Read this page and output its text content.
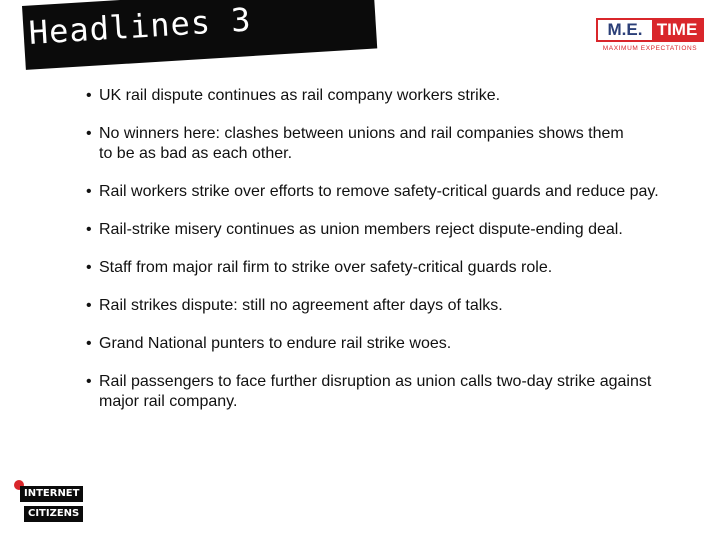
Headlines 3	M.E. TIME
MAXIMUM EXPECTATIONS
• UK rail dispute continues as rail company workers strike.
• No winners here: clashes between unions and rail companies shows them
to be as bad as each other.
• Rail workers strike over efforts to remove safety-critical guards and reduce pay.
• Rail-strike misery continues as union members reject dispute-ending deal.
• Staff from major rail firm to strike over safety-critical guards role.
• Rail strikes dispute: still no agreement after days of talks.
• Grand National punters to endure rail strike woes.
• Rail passengers to face further disruption as union calls two-day strike against
major rail company.
INTERNET
CITIZENS
